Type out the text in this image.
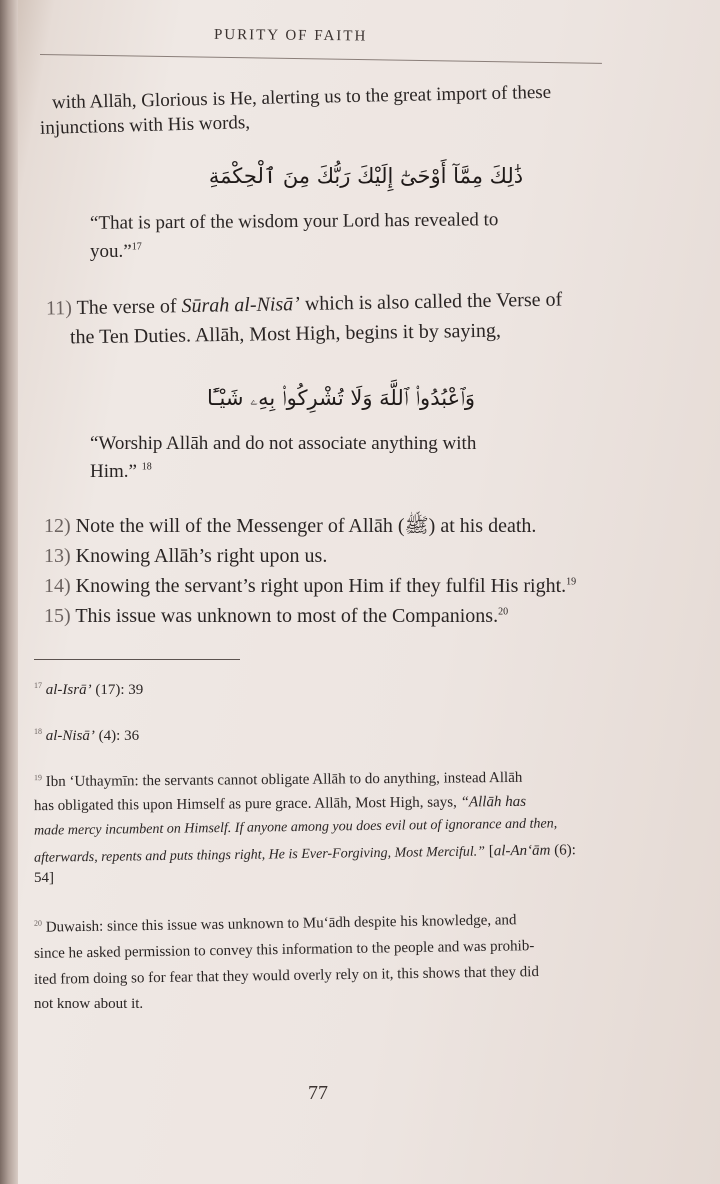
PURITY OF FAITH
with Allāh, Glorious is He, alerting us to the great import of these
injunctions with His words,
ذَٰلِكَ مِمَّآ أَوْحَىٰٓ إِلَيْكَ رَبُّكَ مِنَ ٱلْحِكْمَةِ
“That is part of the wisdom your Lord has revealed to
you.”$^{17}$
11) The verse of Sūrah al-Nisā’ which is also called the Verse of
the Ten Duties. Allāh, Most High, begins it by saying,
وَٱعْبُدُوا۟ ٱللَّهَ وَلَا تُشْرِكُوا۟ بِهِۦ شَيْـًٔا
“Worship Allāh and do not associate anything with
Him.” $^{18}$
12) Note the will of the Messenger of Allāh (ﷺ) at his death.
13) Knowing Allāh’s right upon us.
14) Knowing the servant’s right upon Him if they fulfil His right.$^{19}$
15) This issue was unknown to most of the Companions.$^{20}$
$^{17}$ al-Isrā’ (17): 39
$^{18}$ al-Nisā’ (4): 36
$^{19}$ Ibn ‘Uthaymīn: the servants cannot obligate Allāh to do anything, instead Allāh
has obligated this upon Himself as pure grace. Allāh, Most High, says, “Allāh has
made mercy incumbent on Himself. If anyone among you does evil out of ignorance and then,
afterwards, repents and puts things right, He is Ever-Forgiving, Most Merciful.” [al-An‘ām (6):
54]
$^{20}$ Duwaish: since this issue was unknown to Mu‘ādh despite his knowledge, and
since he asked permission to convey this information to the people and was prohib-
ited from doing so for fear that they would overly rely on it, this shows that they did
not know about it.
77
